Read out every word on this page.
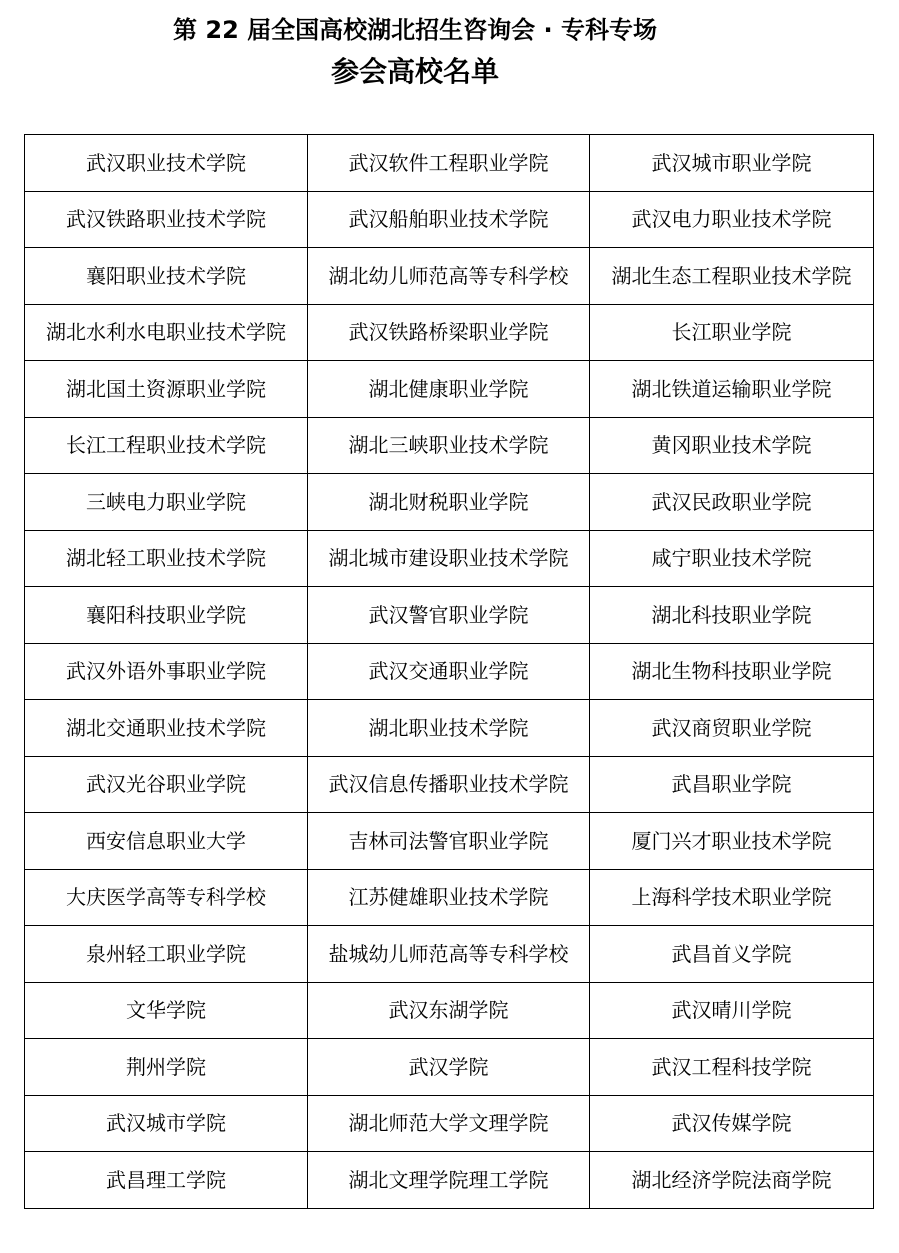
第 22 届全国高校湖北招生咨询会 · 专科专场
参会高校名单
武汉职业技术学院	武汉软件工程职业学院	武汉城市职业学院
武汉铁路职业技术学院	武汉船舶职业技术学院	武汉电力职业技术学院
襄阳职业技术学院	湖北幼儿师范高等专科学校	湖北生态工程职业技术学院
湖北水利水电职业技术学院	武汉铁路桥梁职业学院	长江职业学院
湖北国土资源职业学院	湖北健康职业学院	湖北铁道运输职业学院
长江工程职业技术学院	湖北三峡职业技术学院	黄冈职业技术学院
三峡电力职业学院	湖北财税职业学院	武汉民政职业学院
湖北轻工职业技术学院	湖北城市建设职业技术学院	咸宁职业技术学院
襄阳科技职业学院	武汉警官职业学院	湖北科技职业学院
武汉外语外事职业学院	武汉交通职业学院	湖北生物科技职业学院
湖北交通职业技术学院	湖北职业技术学院	武汉商贸职业学院
武汉光谷职业学院	武汉信息传播职业技术学院	武昌职业学院
西安信息职业大学	吉林司法警官职业学院	厦门兴才职业技术学院
大庆医学高等专科学校	江苏健雄职业技术学院	上海科学技术职业学院
泉州轻工职业学院	盐城幼儿师范高等专科学校	武昌首义学院
文华学院	武汉东湖学院	武汉晴川学院
荆州学院	武汉学院	武汉工程科技学院
武汉城市学院	湖北师范大学文理学院	武汉传媒学院
武昌理工学院	湖北文理学院理工学院	湖北经济学院法商学院
